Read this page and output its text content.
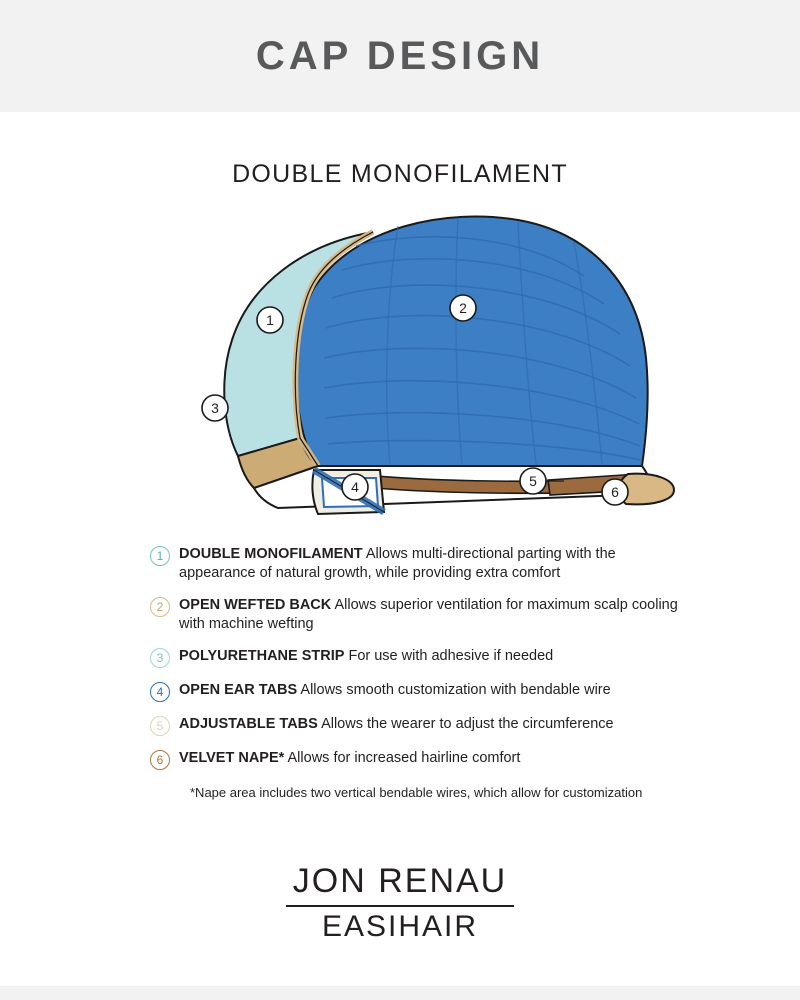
CAP DESIGN
DOUBLE MONOFILAMENT
1
2
3
4	5
6
1	DOUBLE MONOFILAMENT Allows multi-directional parting with the appearance of natural growth, while providing extra comfort
2	OPEN WEFTED BACK Allows superior ventilation for maximum scalp cooling with machine wefting
3	POLYURETHANE STRIP For use with adhesive if needed
4	OPEN EAR TABS Allows smooth customization with bendable wire
5	ADJUSTABLE TABS Allows the wearer to adjust the circumference
6	VELVET NAPE* Allows for increased hairline comfort
*Nape area includes two vertical bendable wires, which allow for customization
JON RENAU
EASIHAIR
